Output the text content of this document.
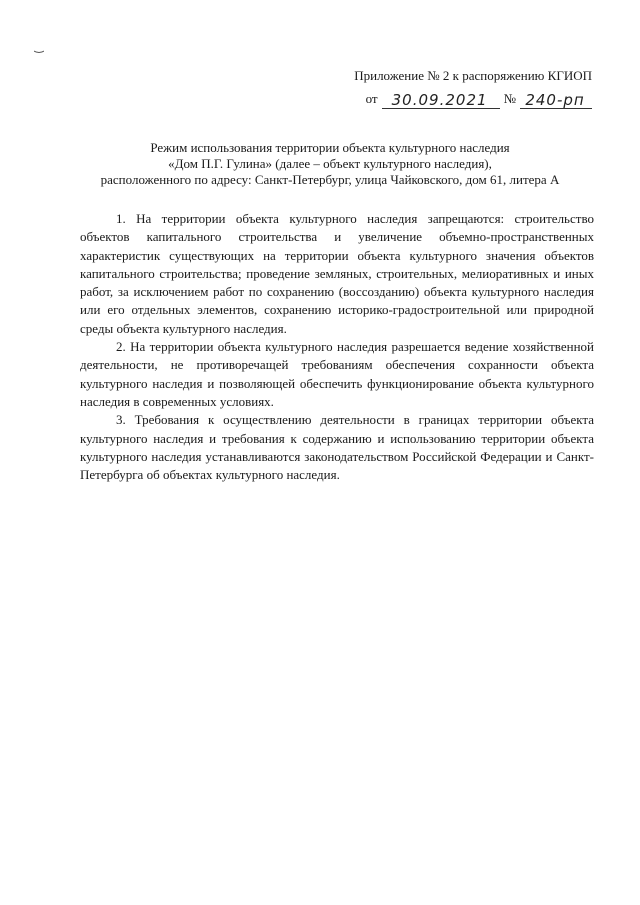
Приложение № 2 к распоряжению КГИОП
от 30.09.2021	№ 240-рп
Режим использования территории объекта культурного наследия
«Дом П.Г. Гулина» (далее – объект культурного наследия),
расположенного по адресу: Санкт-Петербург, улица Чайковского, дом 61, литера А

1. На территории объекта культурного наследия запрещаются: строительство объектов капитального строительства и увеличение объемно-пространственных характеристик существующих на территории объекта культурного значения объектов капитального строительства; проведение земляных, строительных, мелиоративных и иных работ, за исключением работ по сохранению (воссозданию) объекта культурного наследия или его отдельных элементов, сохранению историко-градостроительной или природной среды объекта культурного наследия.

2. На территории объекта культурного наследия разрешается ведение хозяйственной деятельности, не противоречащей требованиям обеспечения сохранности объекта культурного наследия и позволяющей обеспечить функционирование объекта культурного наследия в современных условиях.

3. Требования к осуществлению деятельности в границах территории объекта культурного наследия и требования к содержанию и использованию территории объекта культурного наследия устанавливаются законодательством Российской Федерации и Санкт-Петербурга об объектах культурного наследия.
